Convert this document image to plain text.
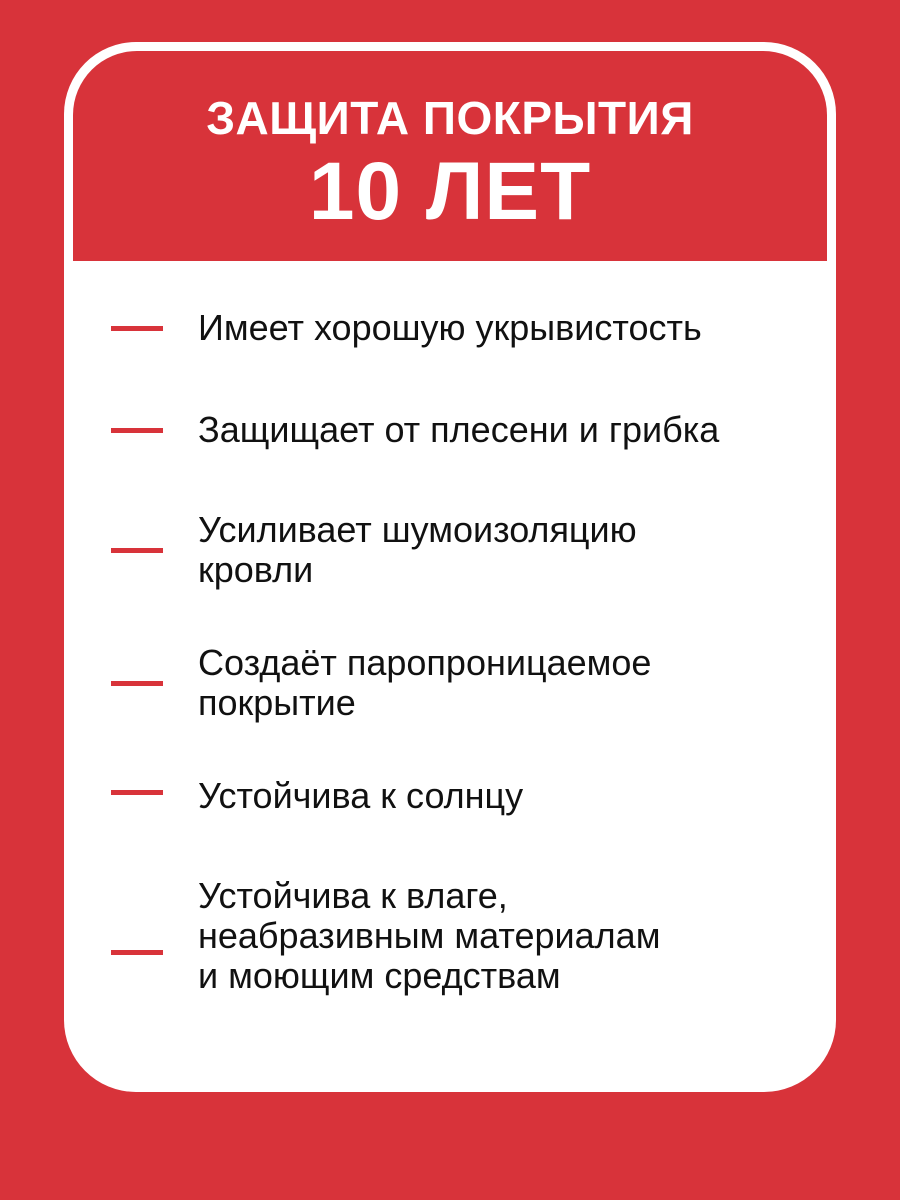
ЗАЩИТА ПОКРЫТИЯ
10 ЛЕТ
Имеет хорошую укрывистость
Защищает от плесени и грибка
Усиливает шумоизоляцию кровли
Создаёт паропроницаемое покрытие
Устойчива к солнцу
Устойчива к влаге, неабразивным материалам и моющим средствам
